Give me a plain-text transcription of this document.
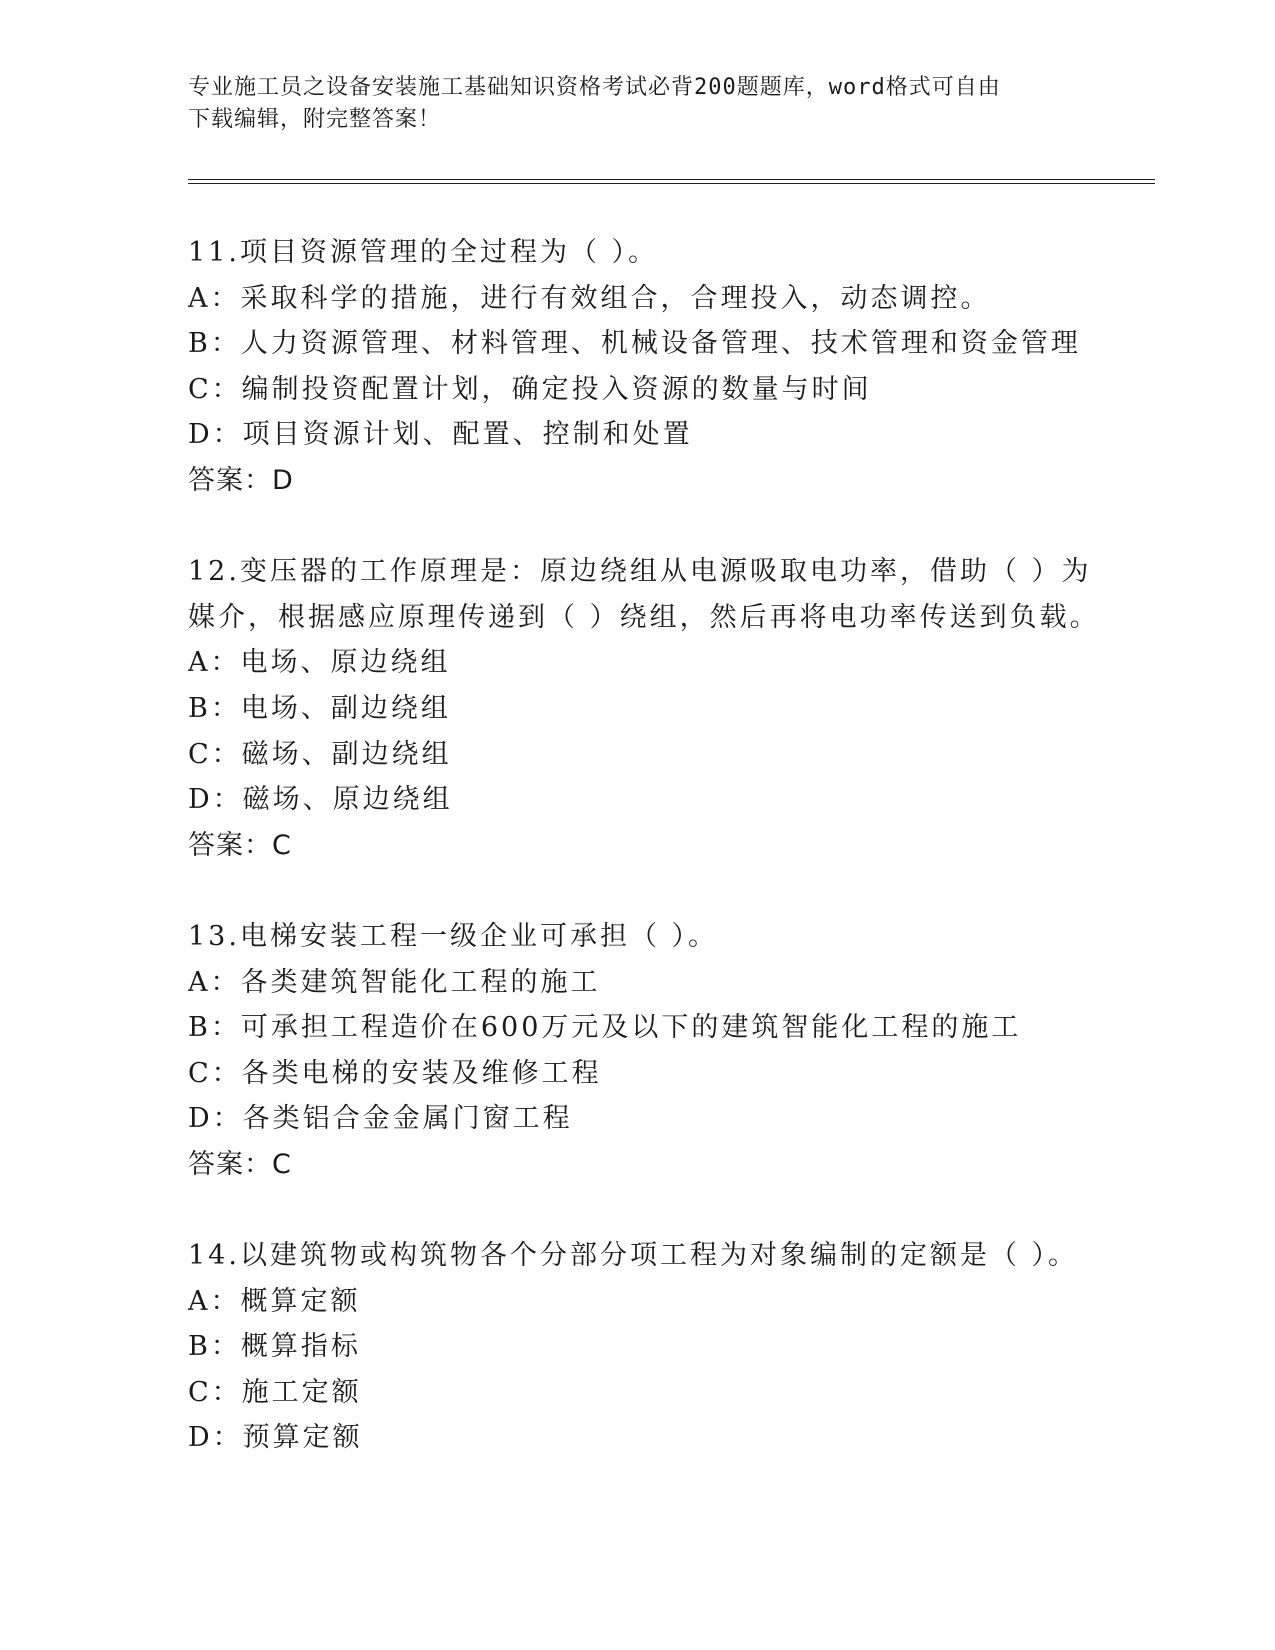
专业施工员之设备安装施工基础知识资格考试必背200题题库，word格式可自由
下载编辑，附完整答案！
11.项目资源管理的全过程为（ ）。
A：采取科学的措施，进行有效组合，合理投入，动态调控。
B：人力资源管理、材料管理、机械设备管理、技术管理和资金管理
C：编制投资配置计划，确定投入资源的数量与时间
D：项目资源计划、配置、控制和处置
答案：D
12.变压器的工作原理是：原边绕组从电源吸取电功率，借助（ ）为
媒介，根据感应原理传递到（ ）绕组，然后再将电功率传送到负载。
A：电场、原边绕组
B：电场、副边绕组
C：磁场、副边绕组
D：磁场、原边绕组
答案：C
13.电梯安装工程一级企业可承担（ ）。
A：各类建筑智能化工程的施工
B：可承担工程造价在600万元及以下的建筑智能化工程的施工
C：各类电梯的安装及维修工程
D：各类铝合金金属门窗工程
答案：C
14.以建筑物或构筑物各个分部分项工程为对象编制的定额是（ ）。
A：概算定额
B：概算指标
C：施工定额
D：预算定额
